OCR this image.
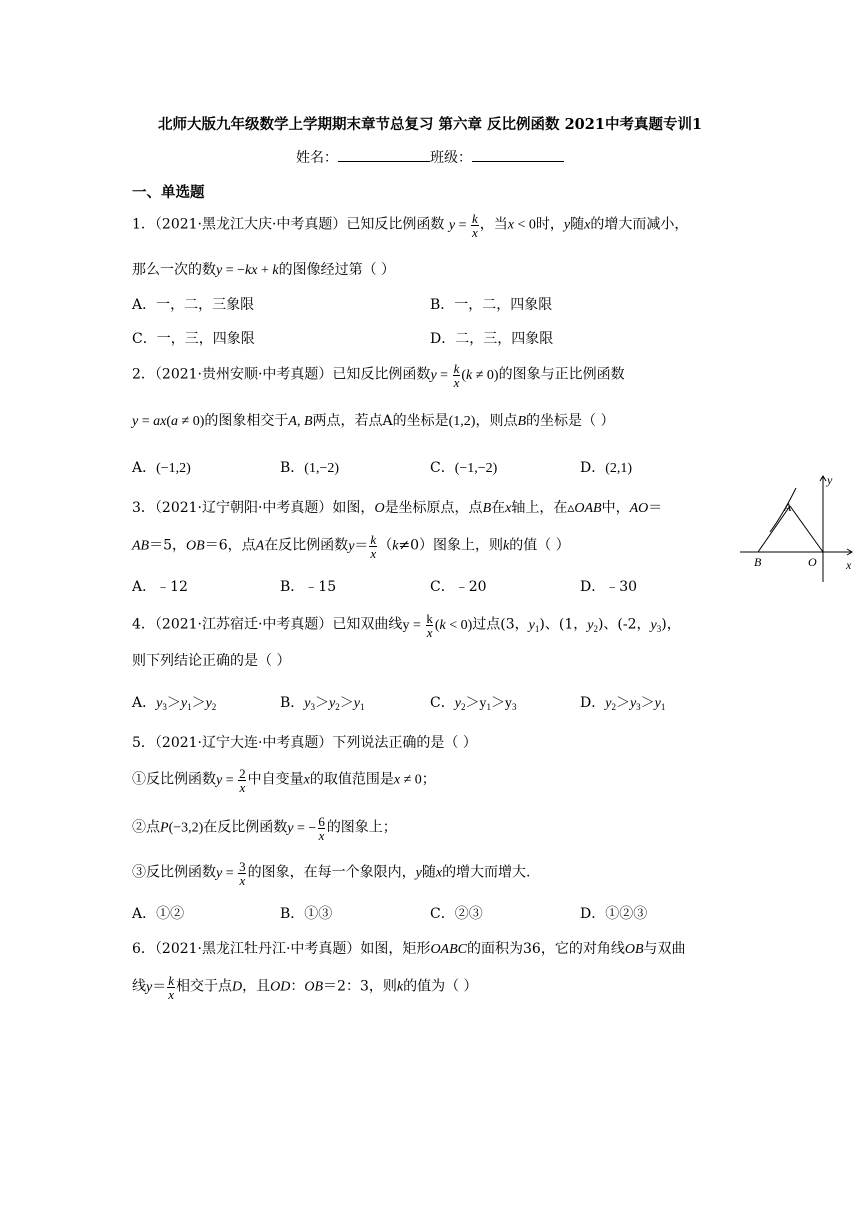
北师大版九年级数学上学期期末章节总复习 第六章 反比例函数 2021中考真题专训1
姓名：	班级：
一、单选题
1．（2021·黑龙江大庆·中考真题）已知反比例函数 $y = \frac{k}{x}$ ，当x < 0时，y随x的增大而减小，
那么一次的数y = −kx + k的图像经过第（ ）
A．一，二，三象限	B．一，二，四象限
C．一，三，四象限	D．二，三，四象限
2．（2021·贵州安顺·中考真题）已知反比例函数$y = \frac{k}{x} (k \ne 0)$的图象与正比例函数
y = ax(a ≠ 0)的图象相交于A, B两点，若点A的坐标是(1,2)，则点B的坐标是（ ）
A．(−1,2)	B．(1,−2)	C．(−1,−2)	D．(2,1)
3．（2021·辽宁朝阳·中考真题）如图，O是坐标原点，点B在x轴上，在▵OAB中，AO＝
AB＝5，OB＝6，点A在反比例函数$y= \frac{k}{x} (k\ne 0)$图象上，则k的值（ ）
A．﹣12	B．﹣15	C．﹣20	D．﹣30
A
B	O x
y
4．（2021·江苏宿迁·中考真题）已知双曲线$y = \frac{k}{x} (k < 0)$过点(3，$y_1$)、(1，$y_2$)、(-2，$y_3$)，
则下列结论正确的是（ ）
A．$y_3>y_1>y_2$	B．$y_3>y_2>y_1$	C．$y_2>y_1>y_3$	D．$y_2>y_3>y_1$
5．（2021·辽宁大连·中考真题）下列说法正确的是（ ）
①反比例函数$y = \frac{2}{x}$ 中自变量x的取值范围是x ≠ 0；
②点P(−3,2)在反比例函数y = − $\frac{6}{x}$ 的图象上；
③反比例函数$y = \frac{3}{x}$ 的图象，在每一个象限内，y随x的增大而增大.
A．①②	B．①③	C．②③	D．①②③
6．（2021·黑龙江牡丹江·中考真题）如图，矩形OABC的面积为36，它的对角线OB与双曲
线$y= \frac{k}{x}$ 相交于点D，且OD：OB＝2：3，则k的值为（ ）
